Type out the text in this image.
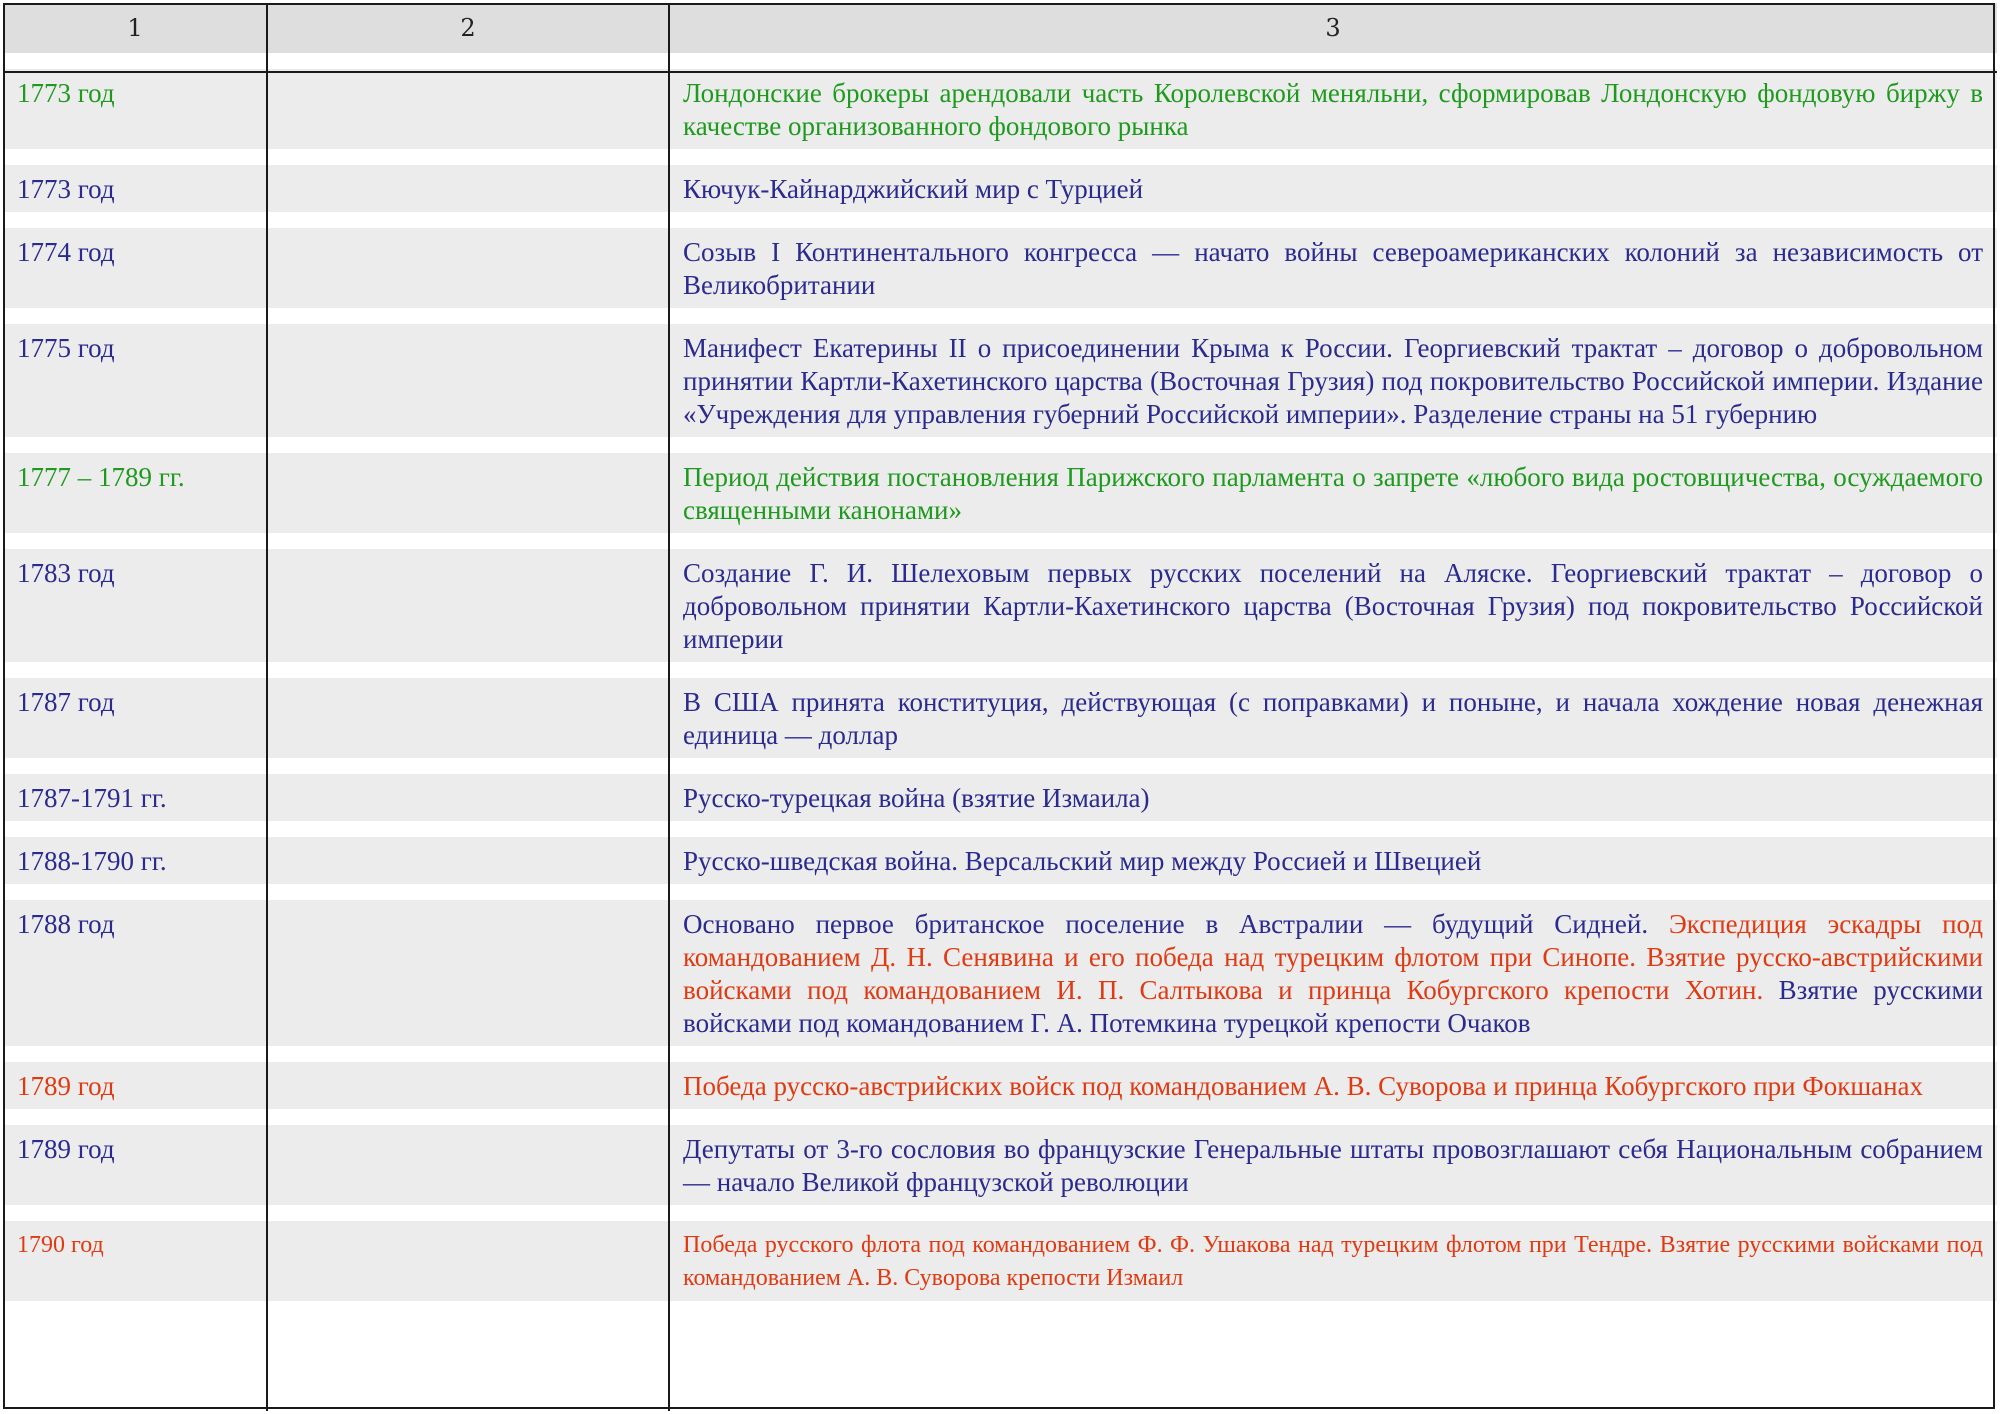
1	2	3
1773 год		Лондонские брокеры арендовали часть Королевской меняльни, сформировав Лондонскую фондовую биржу в качестве организованного фондового рынка
1773 год		Кючук-Кайнарджийский мир с Турцией
1774 год		Созыв I Континентального конгресса — начато войны североамериканских колоний за независимость от Великобритании
1775 год		Манифест Екатерины II о присоединении Крыма к России. Георгиевский трактат – договор о добровольном принятии Картли-Кахетинского царства (Восточная Грузия) под покровительство Российской империи. Издание «Учреждения для управления губерний Российской империи». Разделение страны на 51 губернию
1777 – 1789 гг.		Период действия постановления Парижского парламента о запрете «любого вида ростовщичества, осуждаемого священными канонами»
1783 год		Создание Г. И. Шелеховым первых русских поселений на Аляске. Георгиевский трактат – договор о добровольном принятии Картли-Кахетинского царства (Восточная Грузия) под покровительство Российской империи
1787 год		В США принята конституция, действующая (с поправками) и поныне, и начала хождение новая денежная единица — доллар
1787-1791 гг.		Русско-турецкая война (взятие Измаила)
1788-1790 гг.		Русско-шведская война. Версальский мир между Россией и Швецией
1788 год		Основано первое британское поселение в Австралии — будущий Сидней. Экспедиция эскадры под командованием Д. Н. Сенявина и его победа над турецким флотом при Синопе. Взятие русско-австрийскими войсками под командованием И. П. Салтыкова и принца Кобургского крепости Хотин. Взятие русскими войсками под командованием Г. А. Потемкина турецкой крепости Очаков
1789 год		Победа русско-австрийских войск под командованием А. В. Суворова и принца Кобургского при Фокшанах
1789 год		Депутаты от 3-го сословия во французские Генеральные штаты провозглашают себя Национальным собранием — начало Великой французской революции
1790 год		Победа русского флота под командованием Ф. Ф. Ушакова над турецким флотом при Тендре. Взятие русскими войсками под командованием А. В. Суворова крепости Измаил
